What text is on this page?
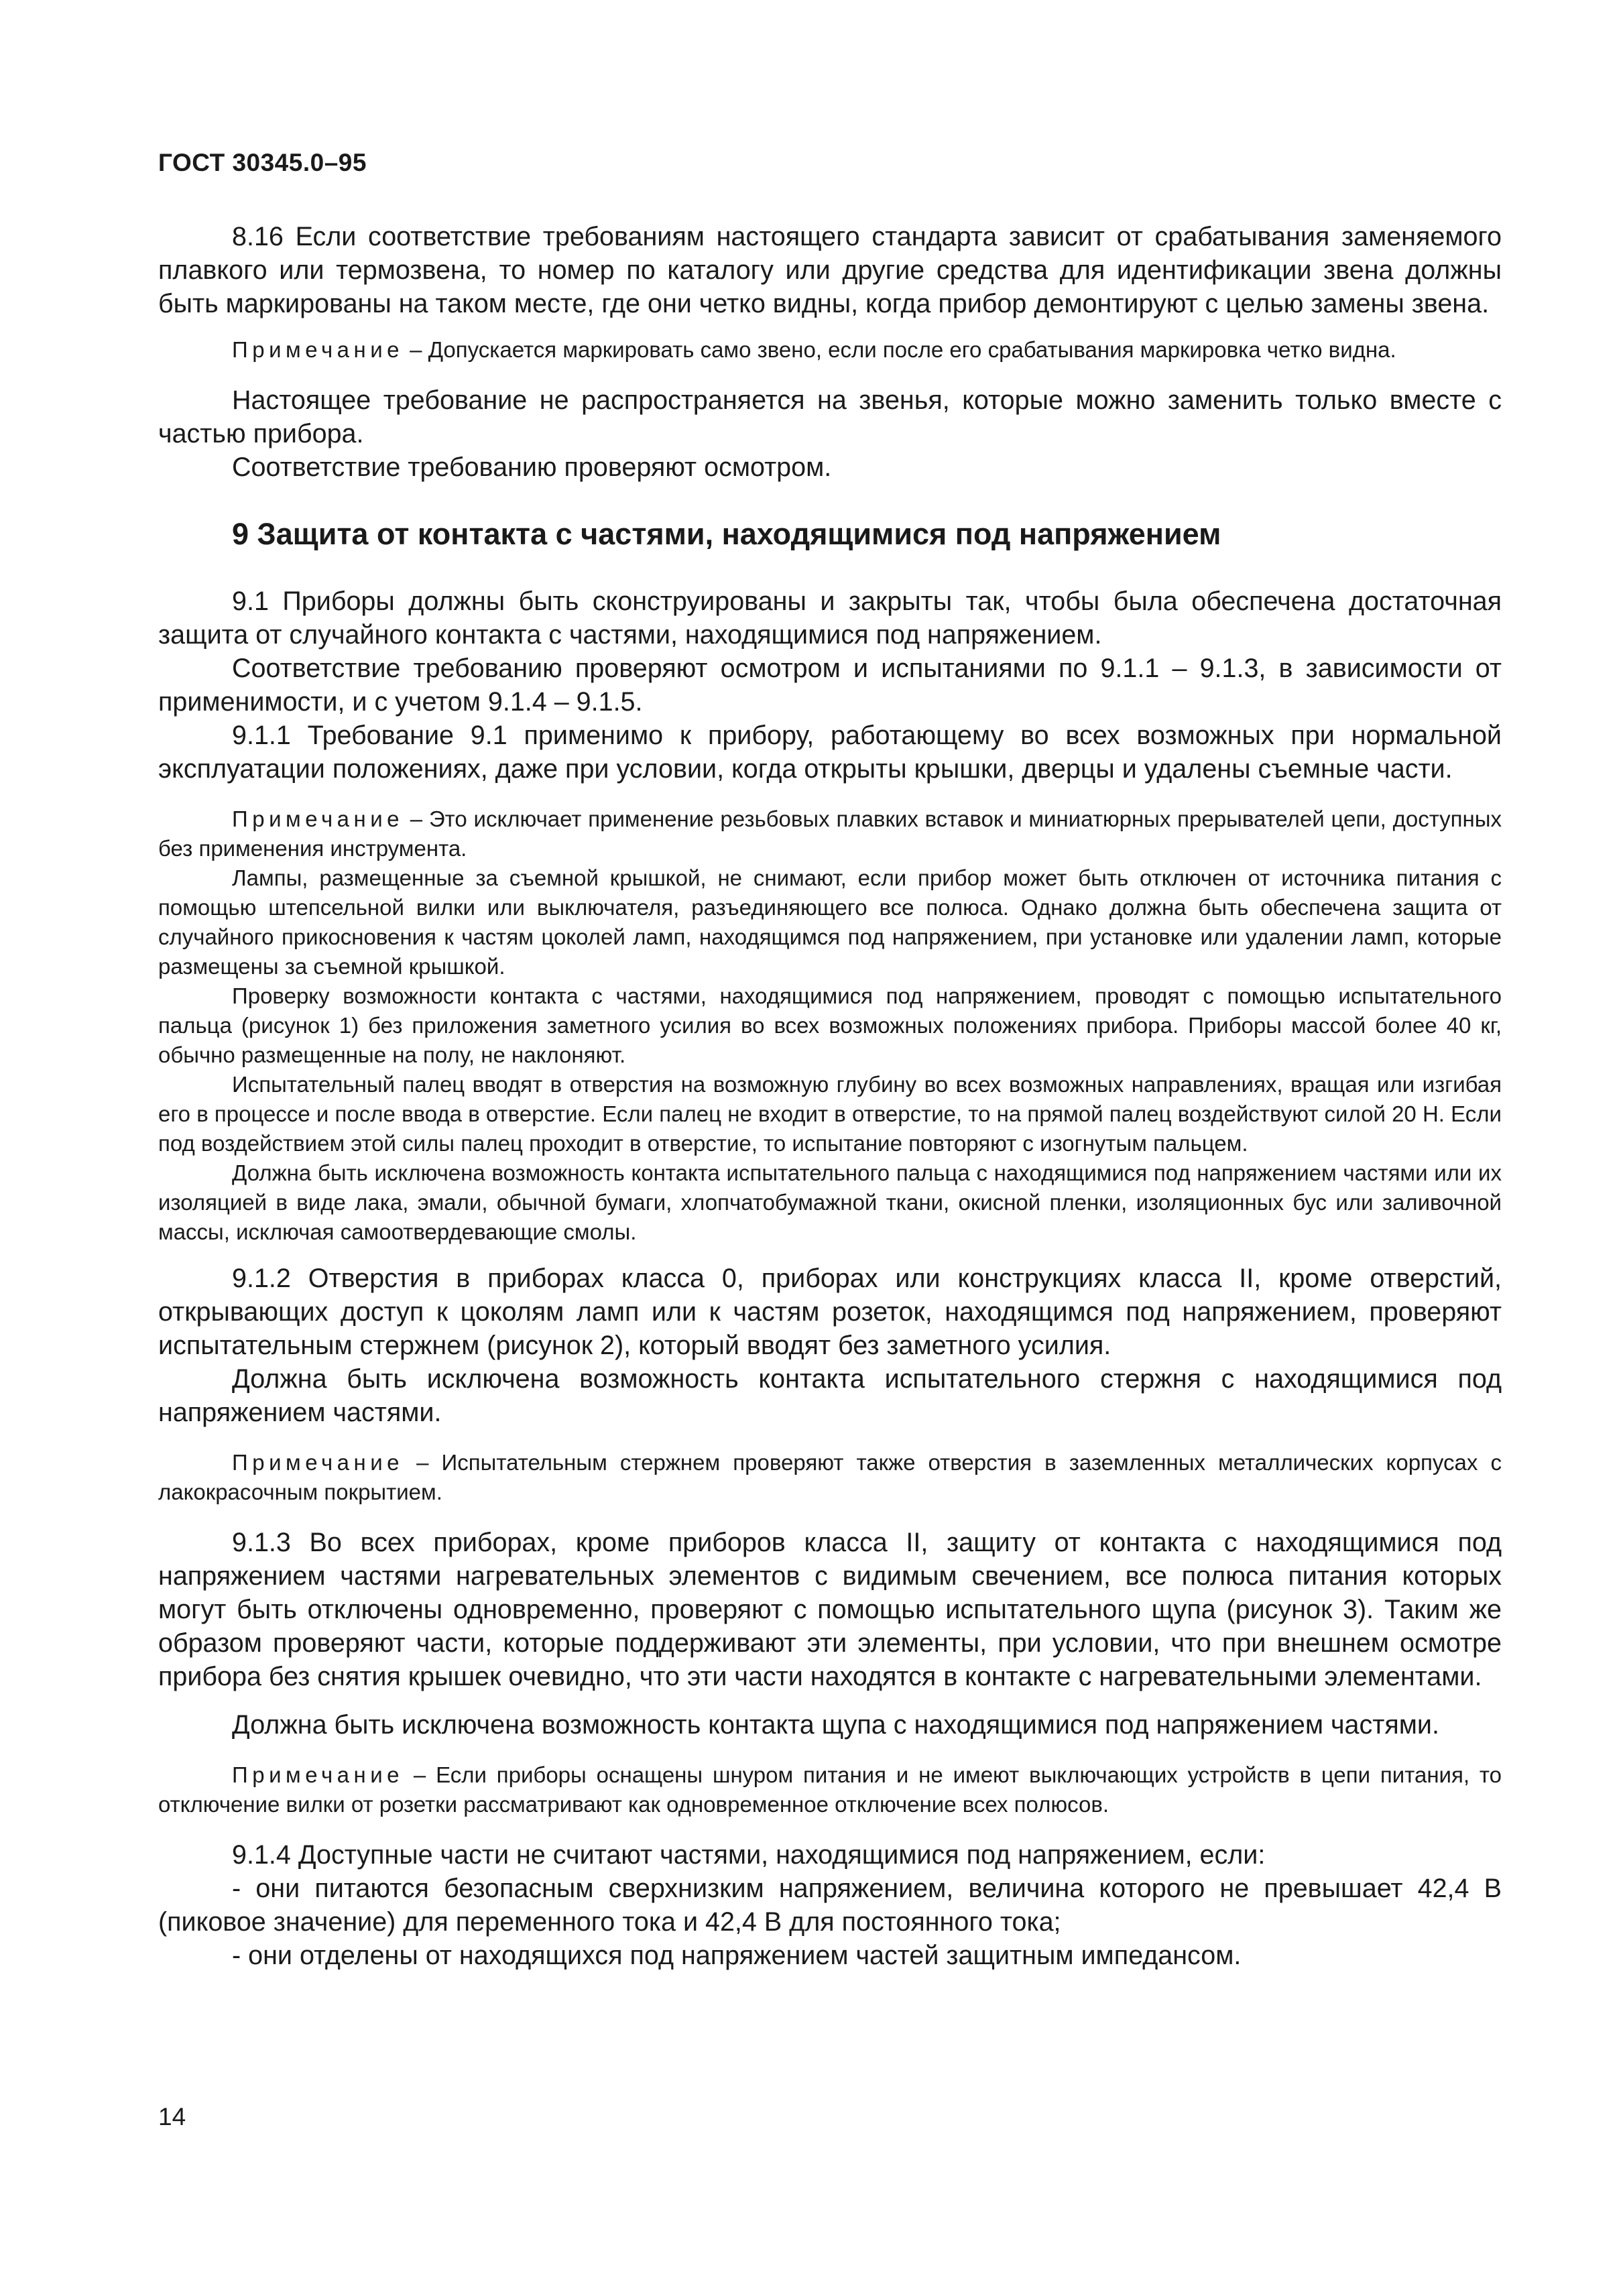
ГОСТ 30345.0–95

8.16 Если соответствие требованиям настоящего стандарта зависит от срабатывания заменяемого плавкого или термозвена, то номер по каталогу или другие средства для идентификации звена должны быть маркированы на таком месте, где они четко видны, когда прибор демонтируют с целью замены звена.

Примечание – Допускается маркировать само звено, если после его срабатывания маркировка четко видна.

Настоящее требование не распространяется на звенья, которые можно заменить только вместе с частью прибора.

Соответствие требованию проверяют осмотром.

9 Защита от контакта с частями, находящимися под напряжением

9.1 Приборы должны быть сконструированы и закрыты так, чтобы была обеспечена достаточная защита от случайного контакта с частями, находящимися под напряжением.

Соответствие требованию проверяют осмотром и испытаниями по 9.1.1 – 9.1.3, в зависимости от применимости, и с учетом 9.1.4 – 9.1.5.

9.1.1 Требование 9.1 применимо к прибору, работающему во всех возможных при нормальной эксплуатации положениях, даже при условии, когда открыты крышки, дверцы и удалены съемные части.

Примечание – Это исключает применение резьбовых плавких вставок и миниатюрных прерывателей цепи, доступных без применения инструмента.

Лампы, размещенные за съемной крышкой, не снимают, если прибор может быть отключен от источника питания с помощью штепсельной вилки или выключателя, разъединяющего все полюса. Однако должна быть обеспечена защита от случайного прикосновения к частям цоколей ламп, находящимся под напряжением, при установке или удалении ламп, которые размещены за съемной крышкой.

Проверку возможности контакта с частями, находящимися под напряжением, проводят с помощью испытательного пальца (рисунок 1) без приложения заметного усилия во всех возможных положениях прибора. Приборы массой более 40 кг, обычно размещенные на полу, не наклоняют.

Испытательный палец вводят в отверстия на возможную глубину во всех возможных направлениях, вращая или изгибая его в процессе и после ввода в отверстие. Если палец не входит в отверстие, то на прямой палец воздействуют силой 20 Н. Если под воздействием этой силы палец проходит в отверстие, то испытание повторяют с изогнутым пальцем.

Должна быть исключена возможность контакта испытательного пальца с находящимися под напряжением частями или их изоляцией в виде лака, эмали, обычной бумаги, хлопчатобумажной ткани, окисной пленки, изоляционных бус или заливочной массы, исключая самоотвердевающие смолы.

9.1.2 Отверстия в приборах класса 0, приборах или конструкциях класса II, кроме отверстий, открывающих доступ к цоколям ламп или к частям розеток, находящимся под напряжением, проверяют испытательным стержнем (рисунок 2), который вводят без заметного усилия.

Должна быть исключена возможность контакта испытательного стержня с находящимися под напряжением частями.

Примечание – Испытательным стержнем проверяют также отверстия в заземленных металлических корпусах с лакокрасочным покрытием.

9.1.3 Во всех приборах, кроме приборов класса II, защиту от контакта с находящимися под напряжением частями нагревательных элементов с видимым свечением, все полюса питания которых могут быть отключены одновременно, проверяют с помощью испытательного щупа (рисунок 3). Таким же образом проверяют части, которые поддерживают эти элементы, при условии, что при внешнем осмотре прибора без снятия крышек очевидно, что эти части находятся в контакте с нагревательными элементами.

Должна быть исключена возможность контакта щупа с находящимися под напряжением частями.

Примечание – Если приборы оснащены шнуром питания и не имеют выключающих устройств в цепи питания, то отключение вилки от розетки рассматривают как одновременное отключение всех полюсов.

9.1.4 Доступные части не считают частями, находящимися под напряжением, если:

- они питаются безопасным сверхнизким напряжением, величина которого не превышает 42,4 В (пиковое значение) для переменного тока и 42,4 В для постоянного тока;

- они отделены от находящихся под напряжением частей защитным импедансом.

14
